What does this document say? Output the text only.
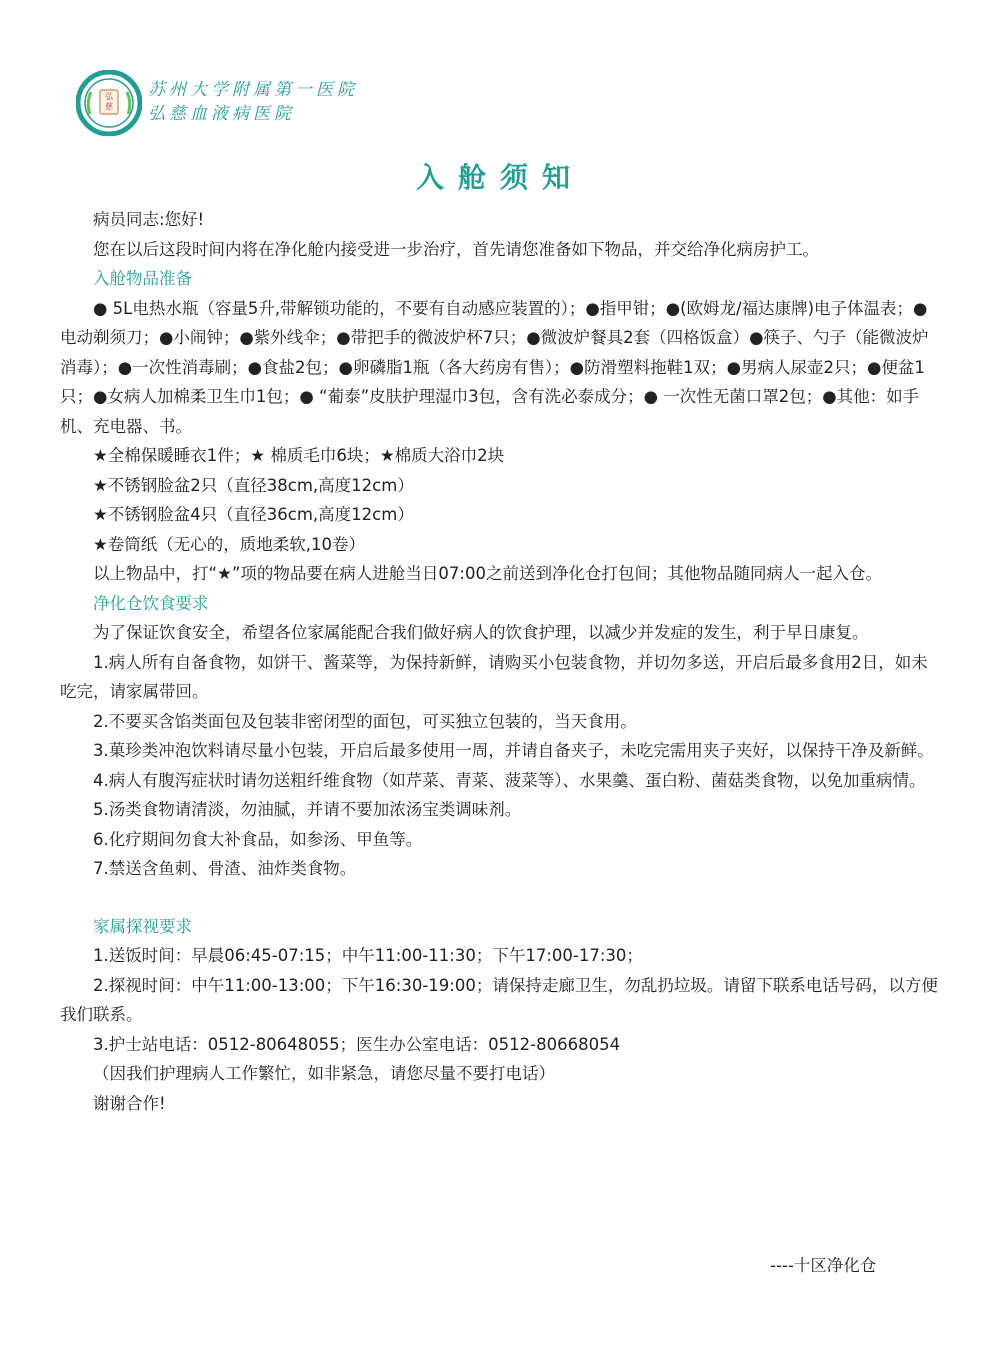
弘 慈
苏州大学附属第一医院
弘慈血液病医院
入舱须知

病员同志:您好!

您在以后这段时间内将在净化舱内接受进一步治疗，首先请您准备如下物品，并交给净化病房护工。

入舱物品准备

● 5L电热水瓶（容量5升,带解锁功能的，不要有自动感应装置的）；●指甲钳；●(欧姆龙/福达康牌)电子体温表；●电动剃须刀；●小闹钟；●紫外线伞；●带把手的微波炉杯7只；●微波炉餐具2套（四格饭盒）●筷子、勺子（能微波炉消毒）；●一次性消毒刷；●食盐2包；●卵磷脂1瓶（各大药房有售）；●防滑塑料拖鞋1双；●男病人尿壶2只；●便盆1只；●女病人加棉柔卫生巾1包；● “葡泰”皮肤护理湿巾3包，含有洗必泰成分；● 一次性无菌口罩2包；●其他：如手机、充电器、书。

★全棉保暖睡衣1件；★ 棉质毛巾6块；★棉质大浴巾2块

★不锈钢脸盆2只（直径38cm,高度12cm）

★不锈钢脸盆4只（直径36cm,高度12cm）

★卷筒纸（无心的，质地柔软,10卷）

以上物品中，打“★”项的物品要在病人进舱当日07:00之前送到净化仓打包间；其他物品随同病人一起入仓。

净化仓饮食要求

为了保证饮食安全，希望各位家属能配合我们做好病人的饮食护理，以减少并发症的发生，利于早日康复。

1.病人所有自备食物，如饼干、酱菜等，为保持新鲜，请购买小包装食物，并切勿多送，开启后最多食用2日，如未吃完，请家属带回。

2.不要买含馅类面包及包装非密闭型的面包，可买独立包装的，当天食用。

3.菓珍类冲泡饮料请尽量小包装，开启后最多使用一周，并请自备夹子，未吃完需用夹子夹好，以保持干净及新鲜。

4.病人有腹泻症状时请勿送粗纤维食物（如芹菜、青菜、菠菜等）、水果羹、蛋白粉、菌菇类食物，以免加重病情。

5.汤类食物请清淡，勿油腻，并请不要加浓汤宝类调味剂。

6.化疗期间勿食大补食品，如参汤、甲鱼等。

7.禁送含鱼刺、骨渣、油炸类食物。

家属探视要求

1.送饭时间：早晨06:45-07:15；中午11:00-11:30；下午17:00-17:30；

2.探视时间：中午11:00-13:00；下午16:30-19:00；请保持走廊卫生，勿乱扔垃圾。请留下联系电话号码，以方便我们联系。

3.护士站电话：0512-80648055；医生办公室电话：0512-80668054

（因我们护理病人工作繁忙，如非紧急，请您尽量不要打电话）

谢谢合作!

----十区净化仓
